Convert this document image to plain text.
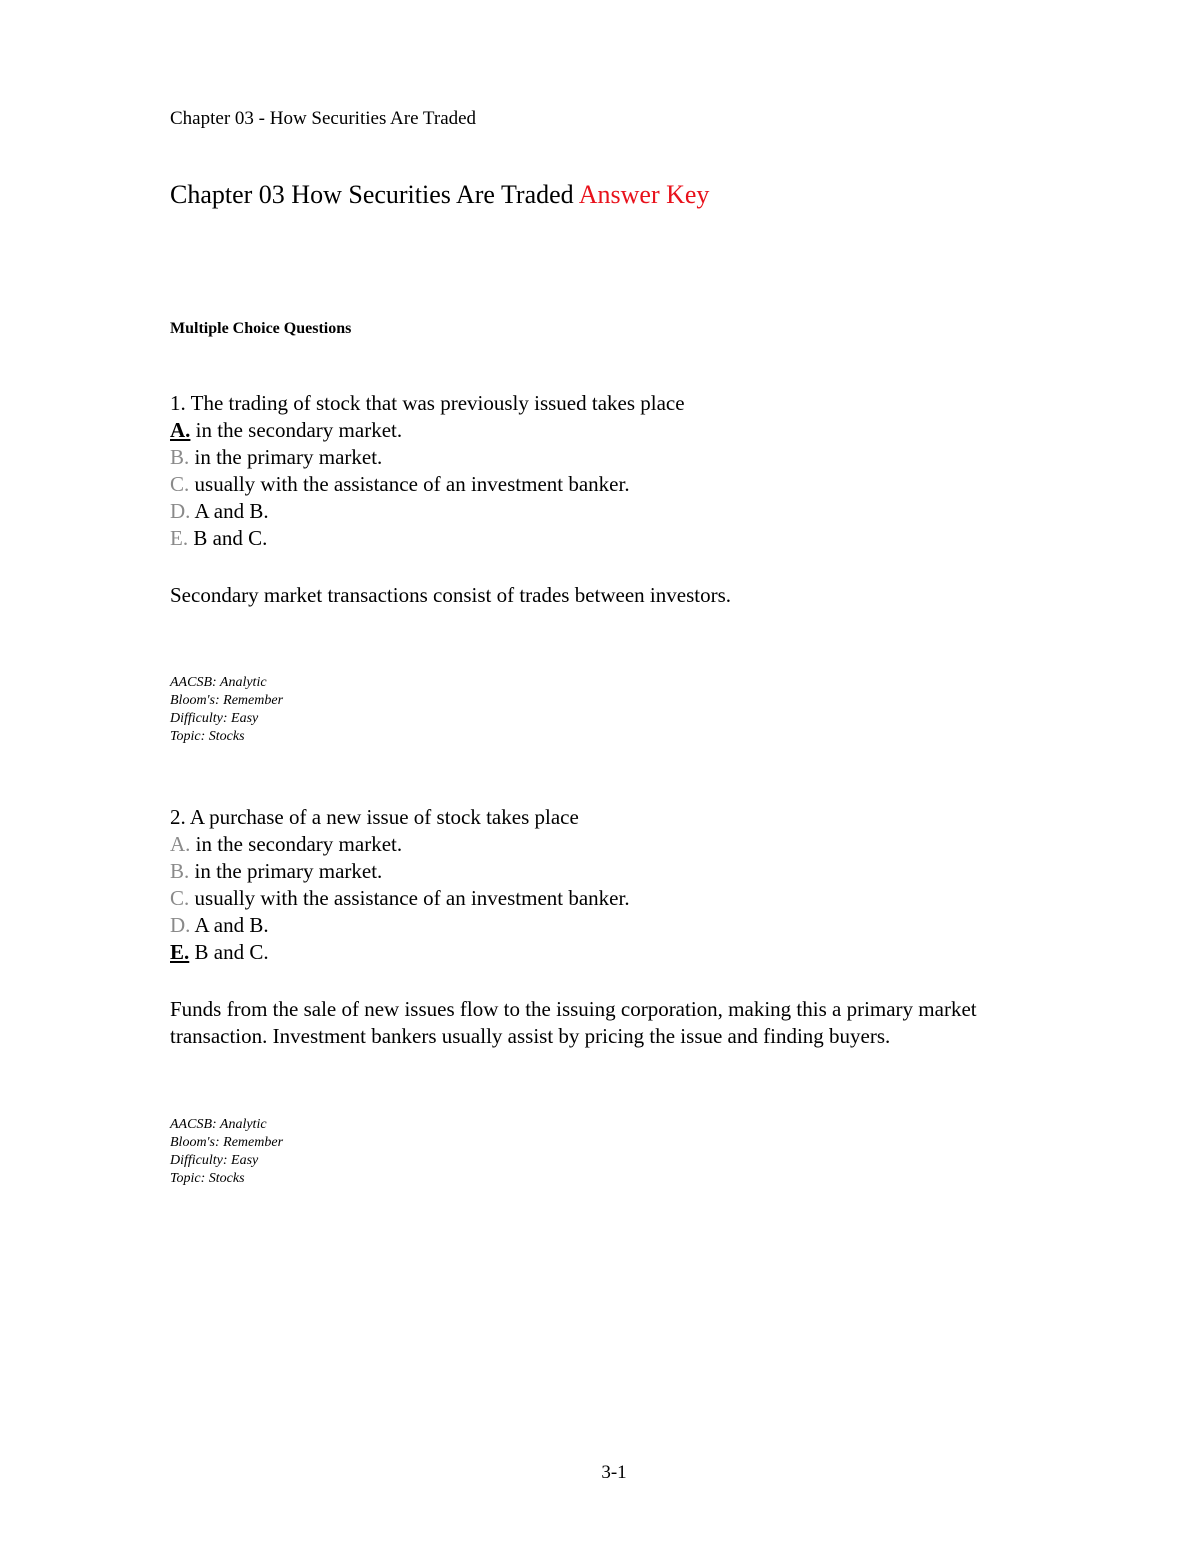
Chapter 03 - How Securities Are Traded
Chapter 03 How Securities Are Traded Answer Key
Multiple Choice Questions
1. The trading of stock that was previously issued takes place
A. in the secondary market.
B. in the primary market.
C. usually with the assistance of an investment banker.
D. A and B.
E. B and C.
Secondary market transactions consist of trades between investors.
AACSB: Analytic
Bloom's: Remember
Difficulty: Easy
Topic: Stocks
2. A purchase of a new issue of stock takes place
A. in the secondary market.
B. in the primary market.
C. usually with the assistance of an investment banker.
D. A and B.
E. B and C.
Funds from the sale of new issues flow to the issuing corporation, making this a primary market transaction. Investment bankers usually assist by pricing the issue and finding buyers.
AACSB: Analytic
Bloom's: Remember
Difficulty: Easy
Topic: Stocks
3-1
